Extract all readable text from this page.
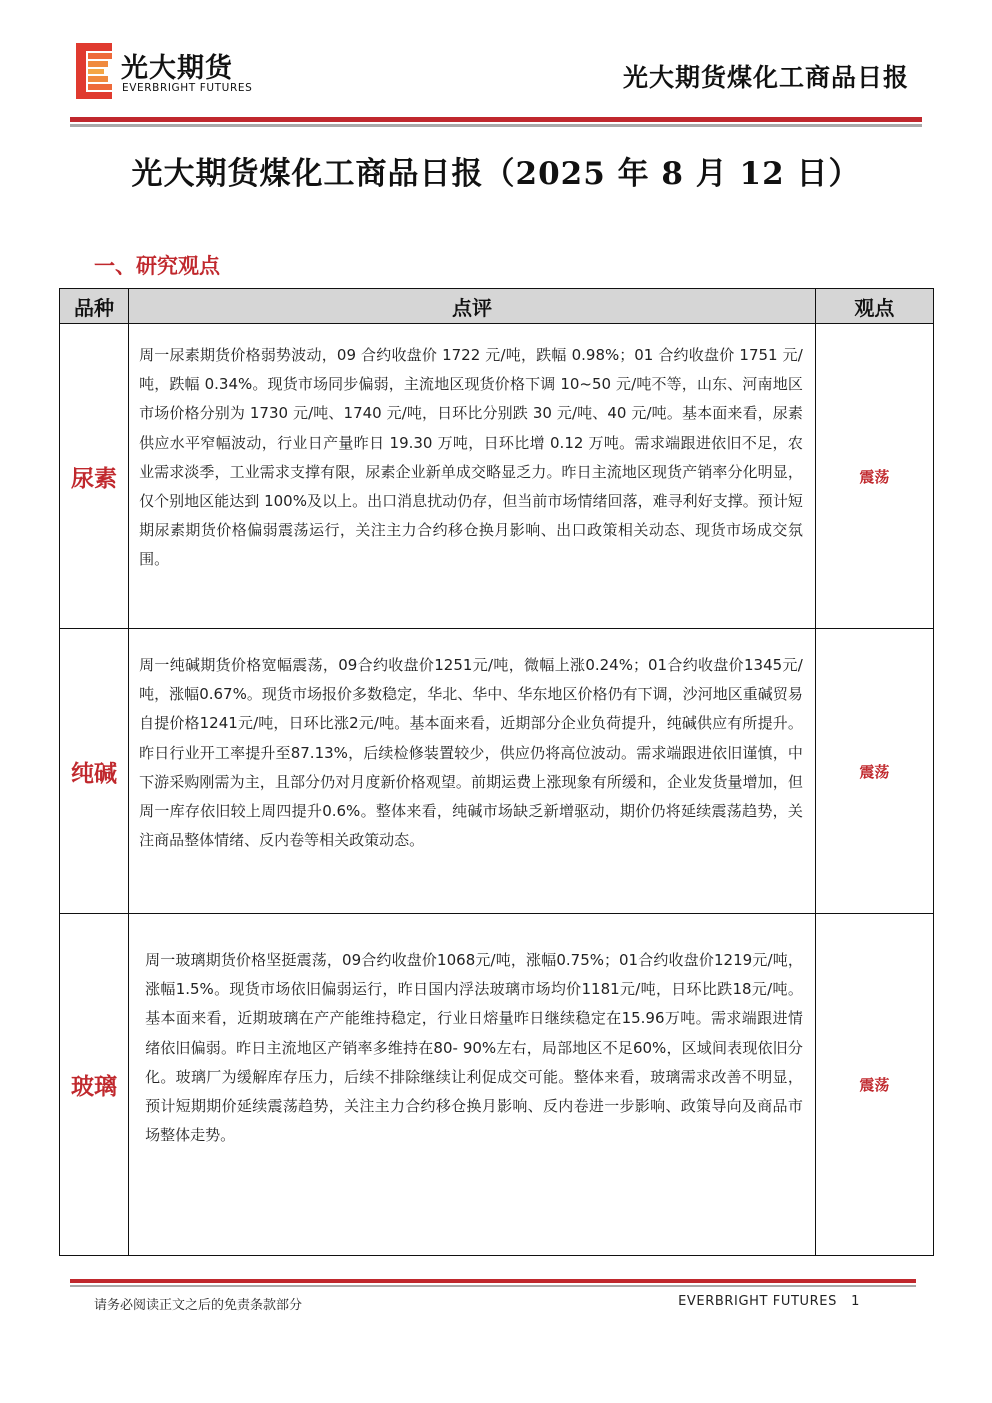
光大期货
EVERBRIGHT FUTURES	光大期货煤化工商品日报
光大期货煤化工商品日报（2025 年 8 月 12 日）
一、研究观点
品种	点评	观点
尿素	周一尿素期货价格弱势波动，09 合约收盘价 1722 元/吨，跌幅 0.98%；01 合约收盘价 1751 元/吨，跌幅 0.34%。现货市场同步偏弱，主流地区现货价格下调 10~50 元/吨不等，山东、河南地区市场价格分别为 1730 元/吨、1740 元/吨，日环比分别跌 30 元/吨、40 元/吨。基本面来看，尿素供应水平窄幅波动，行业日产量昨日 19.30 万吨，日环比增 0.12 万吨。需求端跟进依旧不足，农业需求淡季，工业需求支撑有限，尿素企业新单成交略显乏力。昨日主流地区现货产销率分化明显，仅个别地区能达到 100%及以上。出口消息扰动仍存，但当前市场情绪回落，难寻利好支撑。预计短期尿素期货价格偏弱震荡运行，关注主力合约移仓换月影响、出口政策相关动态、现货市场成交氛围。	震荡
纯碱	周一纯碱期货价格宽幅震荡，09合约收盘价1251元/吨，微幅上涨0.24%；01合约收盘价1345元/吨，涨幅0.67%。现货市场报价多数稳定，华北、华中、华东地区价格仍有下调，沙河地区重碱贸易自提价格1241元/吨，日环比涨2元/吨。基本面来看，近期部分企业负荷提升，纯碱供应有所提升。昨日行业开工率提升至87.13%，后续检修装置较少，供应仍将高位波动。需求端跟进依旧谨慎，中下游采购刚需为主，且部分仍对月度新价格观望。前期运费上涨现象有所缓和，企业发货量增加，但周一库存依旧较上周四提升0.6%。整体来看，纯碱市场缺乏新增驱动，期价仍将延续震荡趋势，关注商品整体情绪、反内卷等相关政策动态。	震荡
玻璃	周一玻璃期货价格坚挺震荡，09合约收盘价1068元/吨，涨幅0.75%；01合约收盘价1219元/吨，涨幅1.5%。现货市场依旧偏弱运行，昨日国内浮法玻璃市场均价1181元/吨，日环比跌18元/吨。基本面来看，近期玻璃在产产能维持稳定，行业日熔量昨日继续稳定在15.96万吨。需求端跟进情绪依旧偏弱。昨日主流地区产销率多维持在80- 90%左右，局部地区不足60%，区域间表现依旧分化。玻璃厂为缓解库存压力，后续不排除继续让利促成交可能。整体来看，玻璃需求改善不明显，预计短期期价延续震荡趋势，关注主力合约移仓换月影响、反内卷进一步影响、政策导向及商品市场整体走势。	震荡
请务必阅读正文之后的免责条款部分	EVERBRIGHT FUTURES 1
